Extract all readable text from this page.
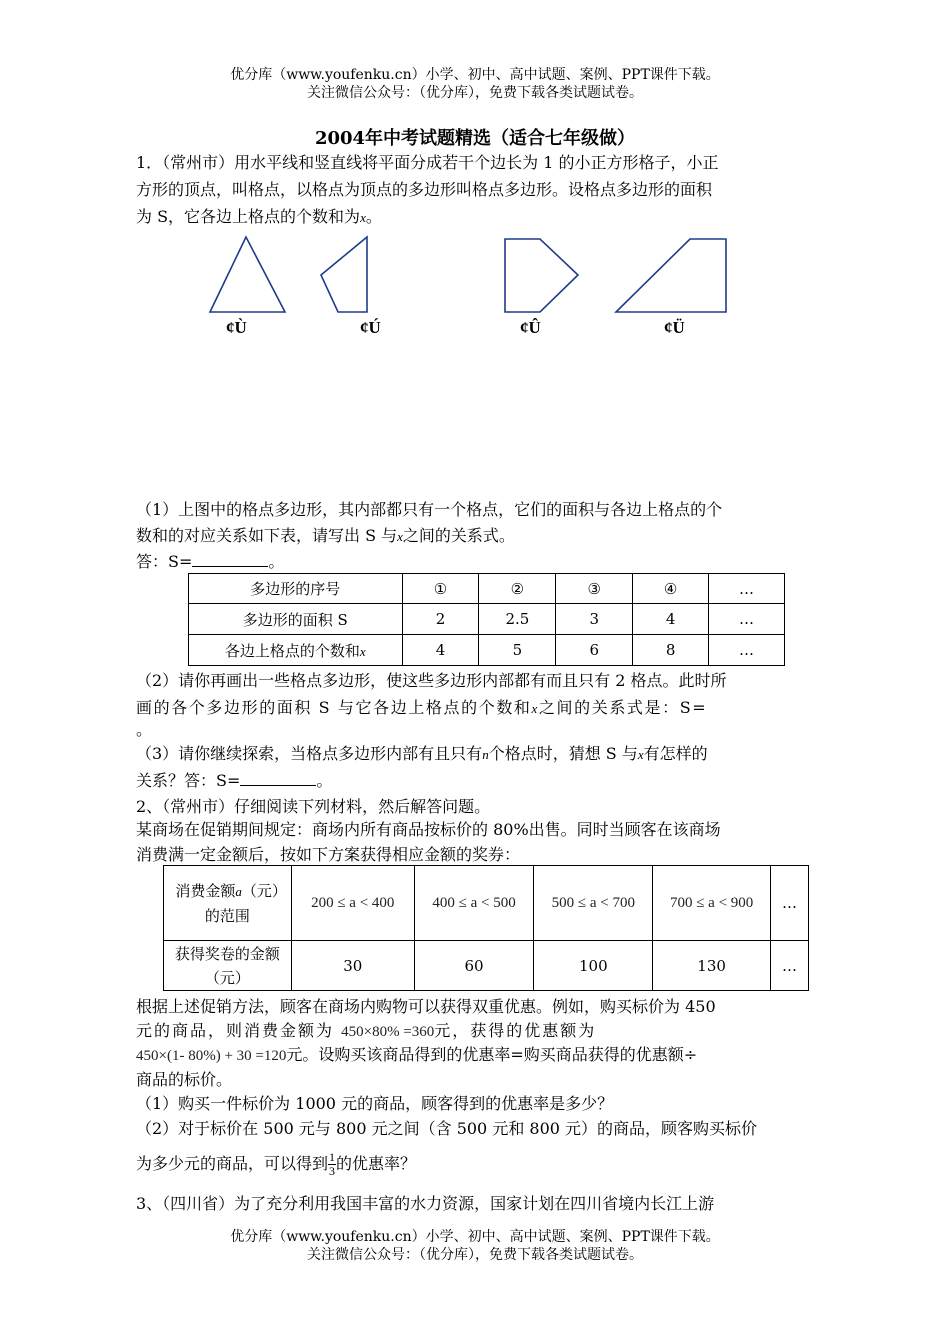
优分库（www.youfenku.cn）小学、初中、高中试题、案例、PPT课件下载。
关注微信公众号：（优分库），免费下载各类试题试卷。
2004年中考试题精选（适合七年级做）
1．（常州市）用水平线和竖直线将平面分成若干个边长为 1 的小正方形格子，小正
方形的顶点，叫格点，以格点为顶点的多边形叫格点多边形。设格点多边形的面积
为 S，它各边上格点的个数和为x。
¢Ù	¢Ú	¢Û	¢Ü
（1）上图中的格点多边形，其内部都只有一个格点，它们的面积与各边上格点的个
数和的对应关系如下表，请写出 S 与x之间的关系式。
答：S=	。
多边形的序号	①	②	③	④	…
多边形的面积 S	2	2.5	3	4	…
各边上格点的个数和x	4	5	6	8	…
（2）请你再画出一些格点多边形，使这些多边形内部都有而且只有 2 格点。此时所
画的各个多边形的面积 S 与它各边上格点的个数和x之间的关系式是：S=
。
（3）请你继续探索，当格点多边形内部有且只有n个格点时，猜想 S 与x有怎样的
关系？答：S=	。
2、（常州市）仔细阅读下列材料，然后解答问题。
某商场在促销期间规定：商场内所有商品按标价的 80%出售。同时当顾客在该商场
消费满一定金额后，按如下方案获得相应金额的奖券：
消费金额a（元）的范围	200 ≤ a < 400	400 ≤ a < 500	500 ≤ a < 700	700 ≤ a < 900	…
获得奖卷的金额（元）	30	60	100	130	…
根据上述促销方法，顾客在商场内购物可以获得双重优惠。例如，购买标价为 450
元的商品，则消费金额为 450×80% =360元，获得的优惠额为
450×(1- 80%) + 30 =120元。设购买该商品得到的优惠率=购买商品获得的优惠额÷
商品的标价。
（1）购买一件标价为 1000 元的商品，顾客得到的优惠率是多少？
（2）对于标价在 500 元与 800 元之间（含 500 元和 800 元）的商品，顾客购买标价
为多少元的商品，可以得到 $\frac{1}{3}$的优惠率？
3、（四川省）为了充分利用我国丰富的水力资源，国家计划在四川省境内长江上游
优分库（www.youfenku.cn）小学、初中、高中试题、案例、PPT课件下载。
关注微信公众号：（优分库），免费下载各类试题试卷。
